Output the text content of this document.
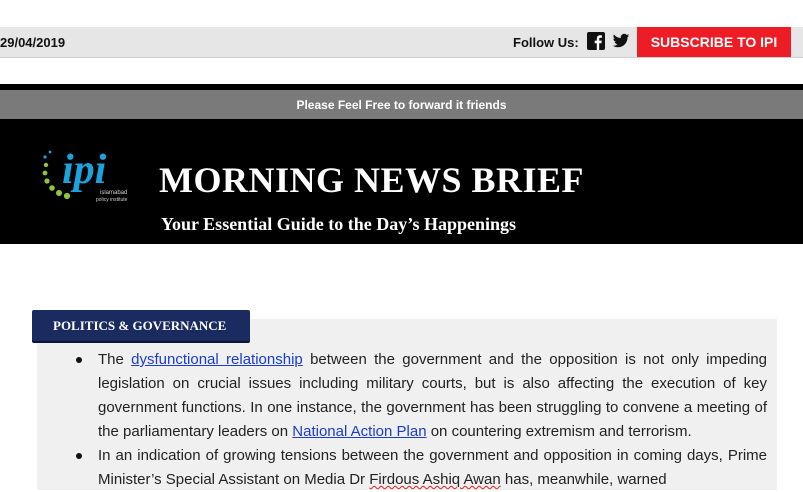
29/04/2019	Follow Us:	SUBSCRIBE TO IPI
Please Feel Free to forward it friends
ipi
islamabad
policy institute MORNING NEWS BRIEF
Your Essential Guide to the Day’s Happenings
POLITICS & GOVERNANCE
The dysfunctional relationship between the government and the opposition is not only impeding legislation on crucial issues including military courts, but is also affecting the execution of key government functions. In one instance, the government has been struggling to convene a meeting of the parliamentary leaders on National Action Plan on countering extremism and terrorism.
In an indication of growing tensions between the government and opposition in coming days, Prime Minister’s Special Assistant on Media Dr Firdous Ashiq Awan has, meanwhile, warned
